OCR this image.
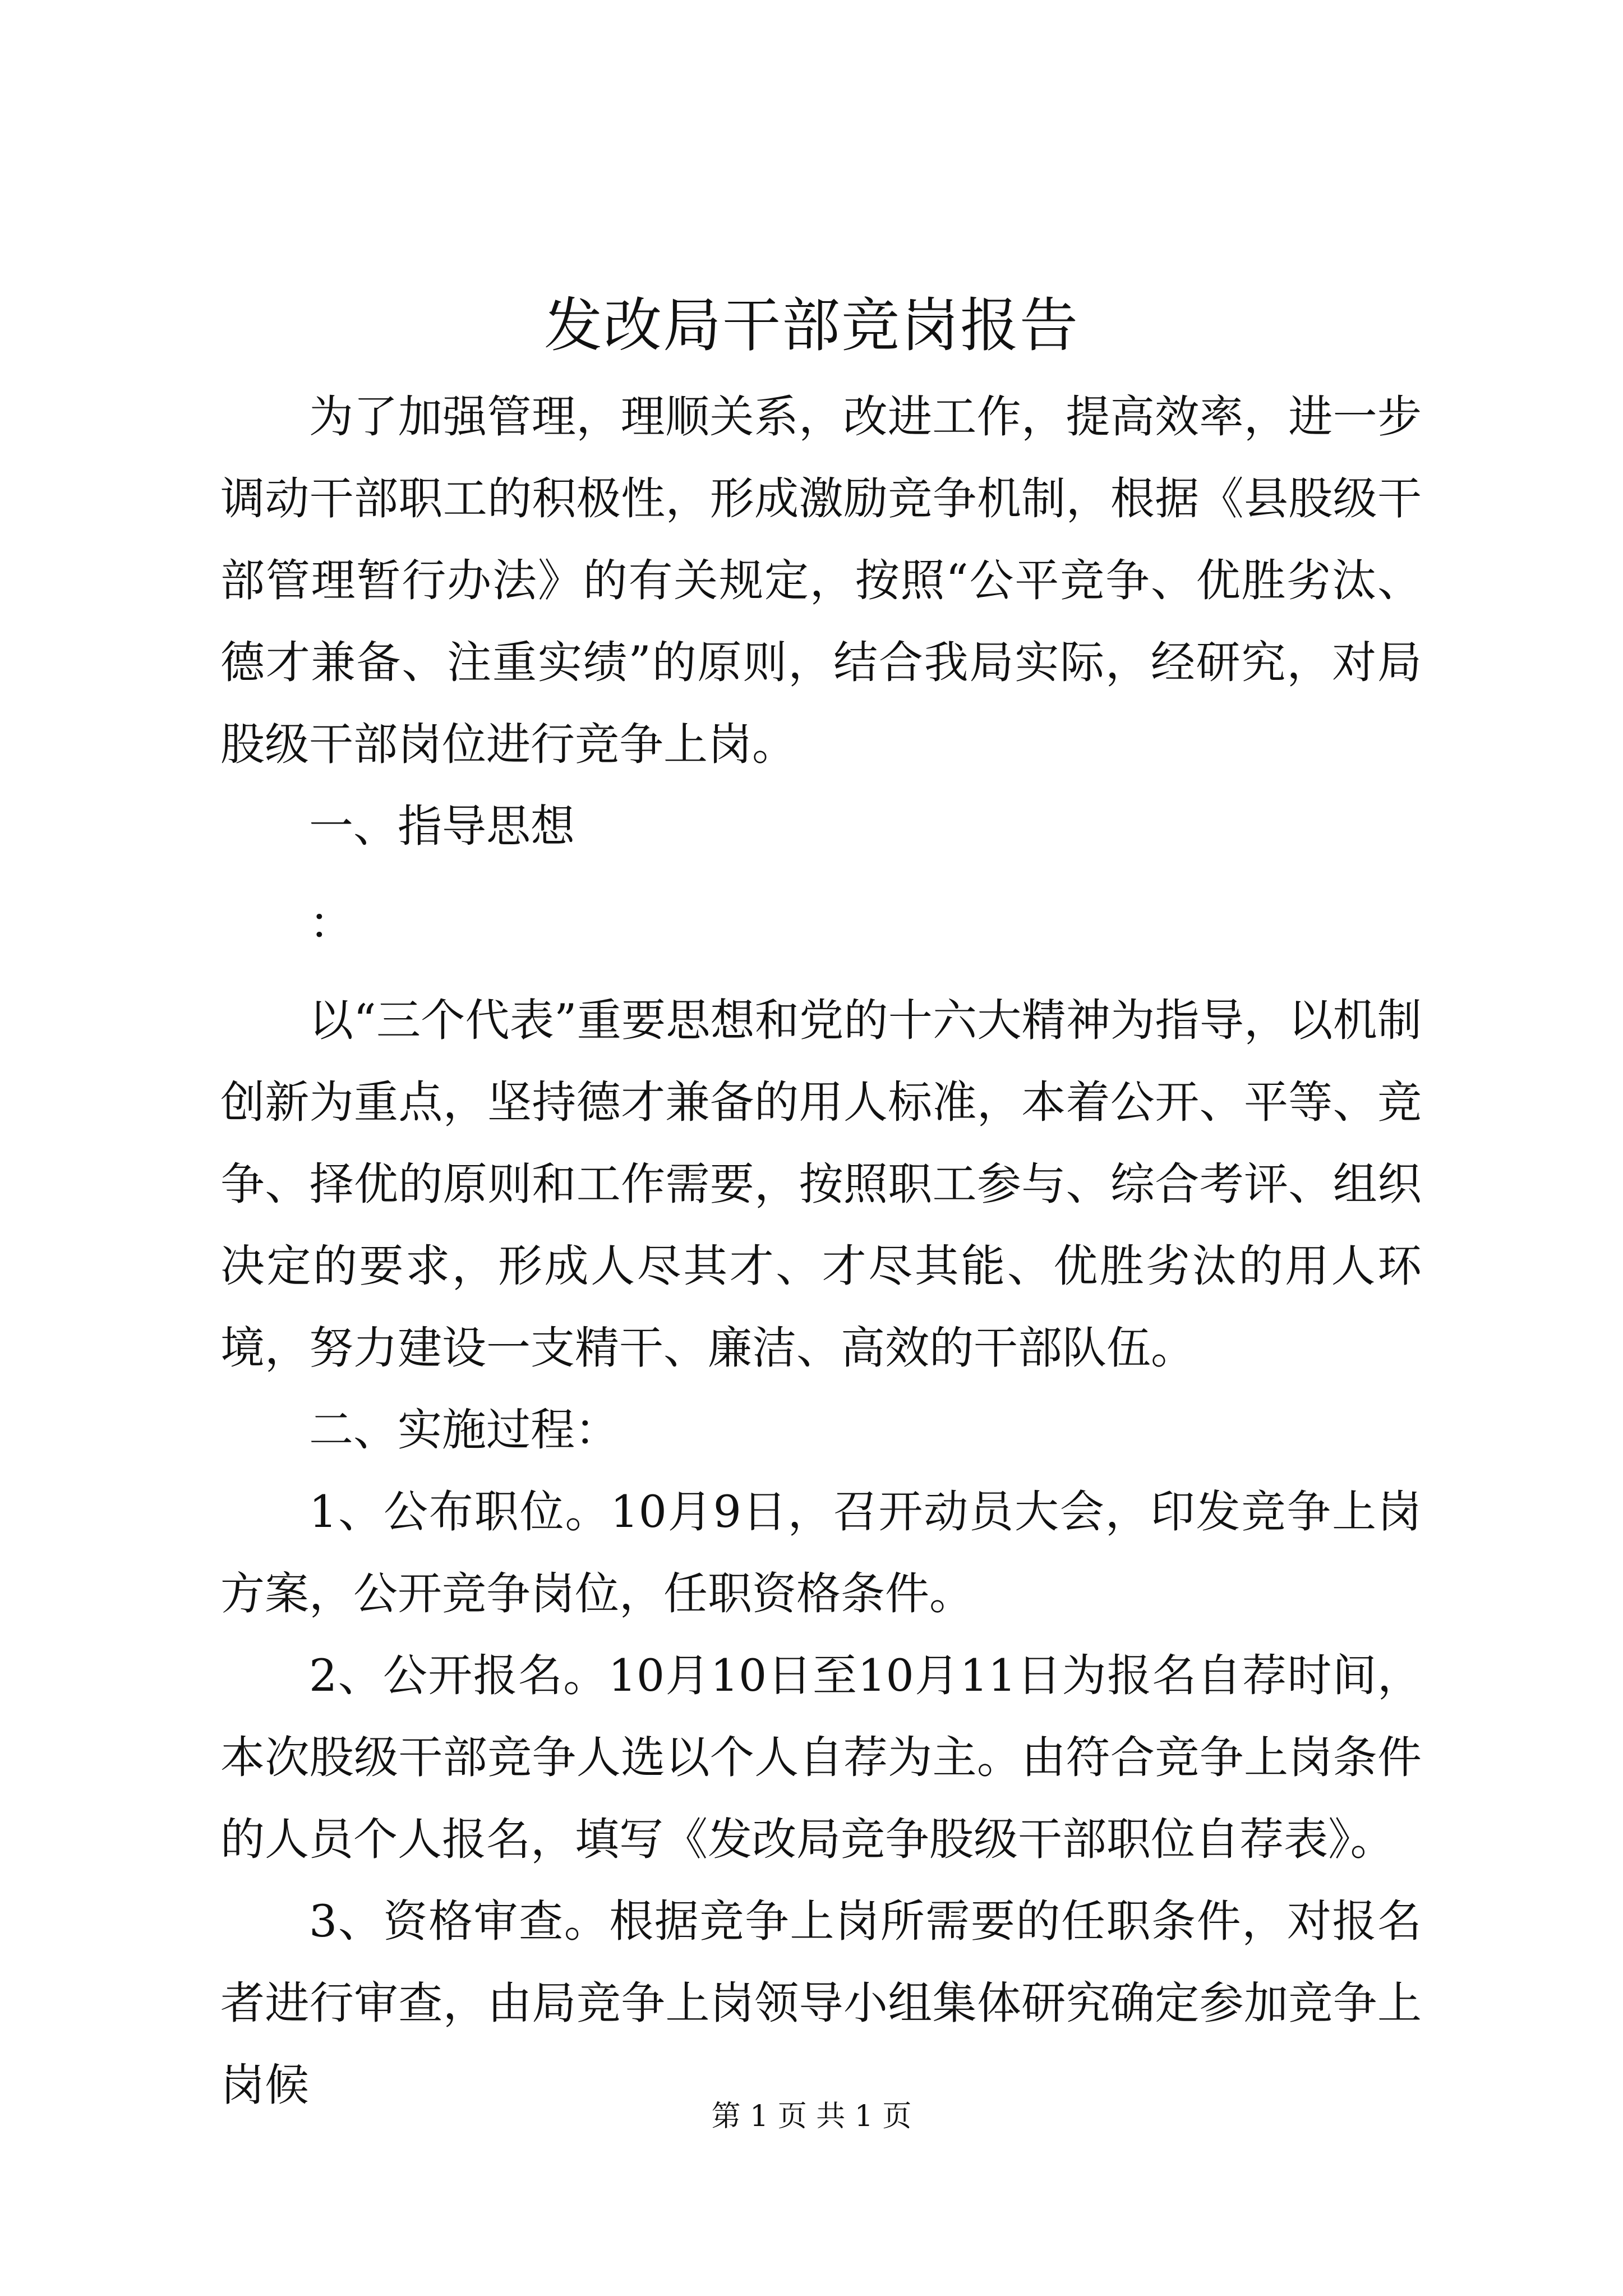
发改局干部竞岗报告

为了加强管理，理顺关系，改进工作，提高效率，进一步调动干部职工的积极性，形成激励竞争机制，根据《县股级干部管理暂行办法》的有关规定，按照“公平竞争、优胜劣汰、德才兼备、注重实绩”的原则，结合我局实际，经研究，对局股级干部岗位进行竞争上岗。

一、指导思想

：

以“三个代表”重要思想和党的十六大精神为指导，以机制创新为重点，坚持德才兼备的用人标准，本着公开、平等、竞争、择优的原则和工作需要，按照职工参与、综合考评、组织决定的要求，形成人尽其才、才尽其能、优胜劣汰的用人环境，努力建设一支精干、廉洁、高效的干部队伍。

二、实施过程：

1、公布职位。10月9日，召开动员大会，印发竞争上岗方案，公开竞争岗位，任职资格条件。

2、公开报名。10月10日至10月11日为报名自荐时间，本次股级干部竞争人选以个人自荐为主。由符合竞争上岗条件的人员个人报名，填写《发改局竞争股级干部职位自荐表》。

3、资格审查。根据竞争上岗所需要的任职条件，对报名者进行审查，由局竞争上岗领导小组集体研究确定参加竞争上岗候

第 1 页 共 1 页
